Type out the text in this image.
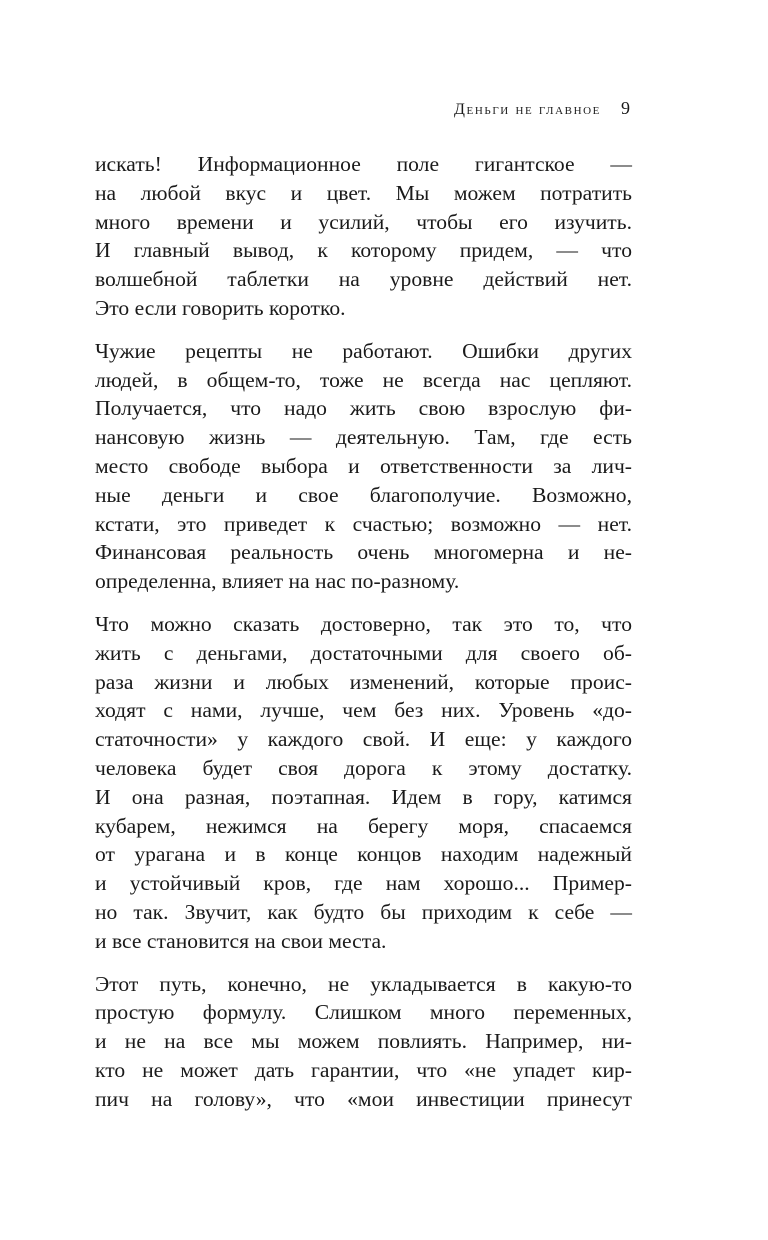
Деньги не главное 9

искать! Информационное поле гигантское —
на любой вкус и цвет. Мы можем потратить
много времени и усилий, чтобы его изучить.
И главный вывод, к которому придем, — что
волшебной таблетки на уровне действий нет.
Это если говорить коротко.

Чужие рецепты не работают. Ошибки других
людей, в общем-то, тоже не всегда нас цепляют.
Получается, что надо жить свою взрослую фи-
нансовую жизнь — деятельную. Там, где есть
место свободе выбора и ответственности за лич-
ные деньги и свое благополучие. Возможно,
кстати, это приведет к счастью; возможно — нет.
Финансовая реальность очень многомерна и не-
определенна, влияет на нас по-разному.

Что можно сказать достоверно, так это то, что
жить с деньгами, достаточными для своего об-
раза жизни и любых изменений, которые проис-
ходят с нами, лучше, чем без них. Уровень «до-
статочности» у каждого свой. И еще: у каждого
человека будет своя дорога к этому достатку.
И она разная, поэтапная. Идем в гору, катимся
кубарем, нежимся на берегу моря, спасаемся
от урагана и в конце концов находим надежный
и устойчивый кров, где нам хорошо... Пример-
но так. Звучит, как будто бы приходим к себе —
и все становится на свои места.

Этот путь, конечно, не укладывается в какую-то
простую формулу. Слишком много переменных,
и не на все мы можем повлиять. Например, ни-
кто не может дать гарантии, что «не упадет кир-
пич на голову», что «мои инвестиции принесут
